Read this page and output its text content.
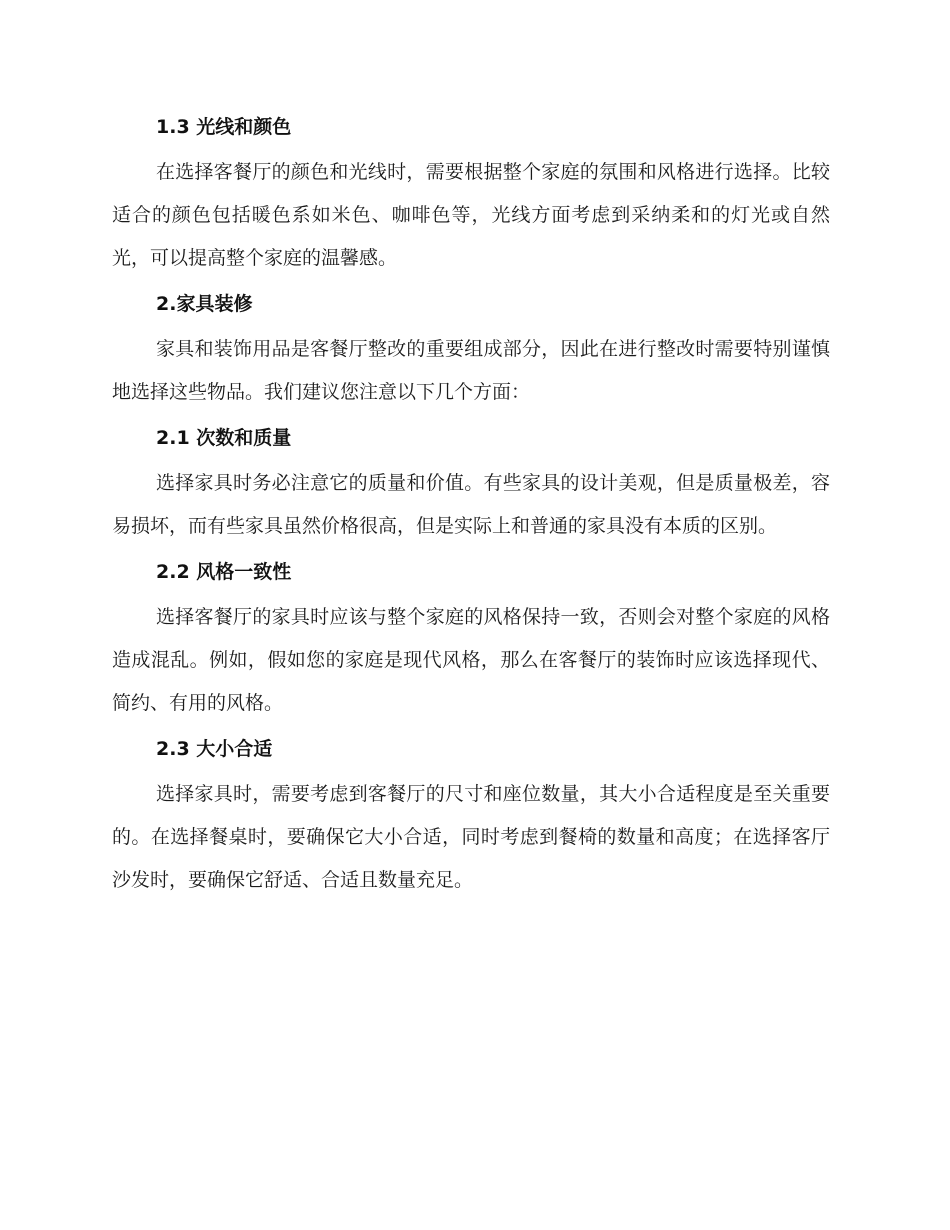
1.3 光线和颜色

在选择客餐厅的颜色和光线时，需要根据整个家庭的氛围和风格进行选择。比较适合的颜色包括暖色系如米色、咖啡色等，光线方面考虑到采纳柔和的灯光或自然光，可以提高整个家庭的温馨感。

2.家具装修

家具和装饰用品是客餐厅整改的重要组成部分，因此在进行整改时需要特别谨慎地选择这些物品。我们建议您注意以下几个方面：

2.1 次数和质量

选择家具时务必注意它的质量和价值。有些家具的设计美观，但是质量极差，容易损坏，而有些家具虽然价格很高，但是实际上和普通的家具没有本质的区别。

2.2 风格一致性

选择客餐厅的家具时应该与整个家庭的风格保持一致，否则会对整个家庭的风格造成混乱。例如，假如您的家庭是现代风格，那么在客餐厅的装饰时应该选择现代、简约、有用的风格。

2.3 大小合适

选择家具时，需要考虑到客餐厅的尺寸和座位数量，其大小合适程度是至关重要的。在选择餐桌时，要确保它大小合适，同时考虑到餐椅的数量和高度；在选择客厅沙发时，要确保它舒适、合适且数量充足。
